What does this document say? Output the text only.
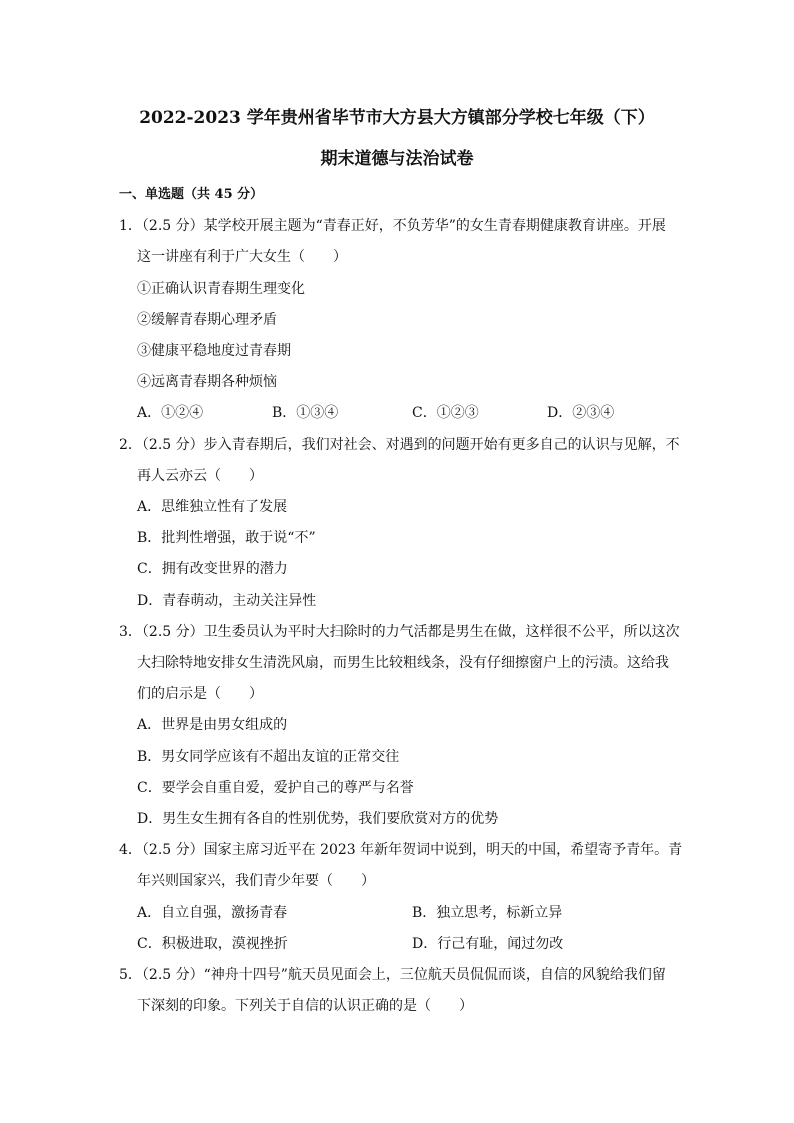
2022-2023 学年贵州省毕节市大方县大方镇部分学校七年级（下）
期末道德与法治试卷
一、单选题（共 45 分）
1．（2.5 分）某学校开展主题为“青春正好，不负芳华”的女生青春期健康教育讲座。开展
这一讲座有利于广大女生（　　）
①正确认识青春期生理变化
②缓解青春期心理矛盾
③健康平稳地度过青春期
④远离青春期各种烦恼
A．①②④	B．①③④	C．①②③	D．②③④
2．（2.5 分）步入青春期后，我们对社会、对遇到的问题开始有更多自己的认识与见解，不
再人云亦云（　　）
A．思维独立性有了发展
B．批判性增强，敢于说“不”
C．拥有改变世界的潜力
D．青春萌动，主动关注异性
3．（2.5 分）卫生委员认为平时大扫除时的力气活都是男生在做，这样很不公平，所以这次
大扫除特地安排女生清洗风扇，而男生比较粗线条，没有仔细擦窗户上的污渍。这给我
们的启示是（　　）
A．世界是由男女组成的
B．男女同学应该有不超出友谊的正常交往
C．要学会自重自爱，爱护自己的尊严与名誉
D．男生女生拥有各自的性别优势，我们要欣赏对方的优势
4．（2.5 分）国家主席习近平在 2023 年新年贺词中说到，明天的中国，希望寄予青年。青
年兴则国家兴，我们青少年要（　　）
A．自立自强，激扬青春	B．独立思考，标新立异
C．积极进取，漠视挫折	D．行己有耻，闻过勿改
5．（2.5 分）“神舟十四号”航天员见面会上，三位航天员侃侃而谈，自信的风貌给我们留
下深刻的印象。下列关于自信的认识正确的是（　　）
